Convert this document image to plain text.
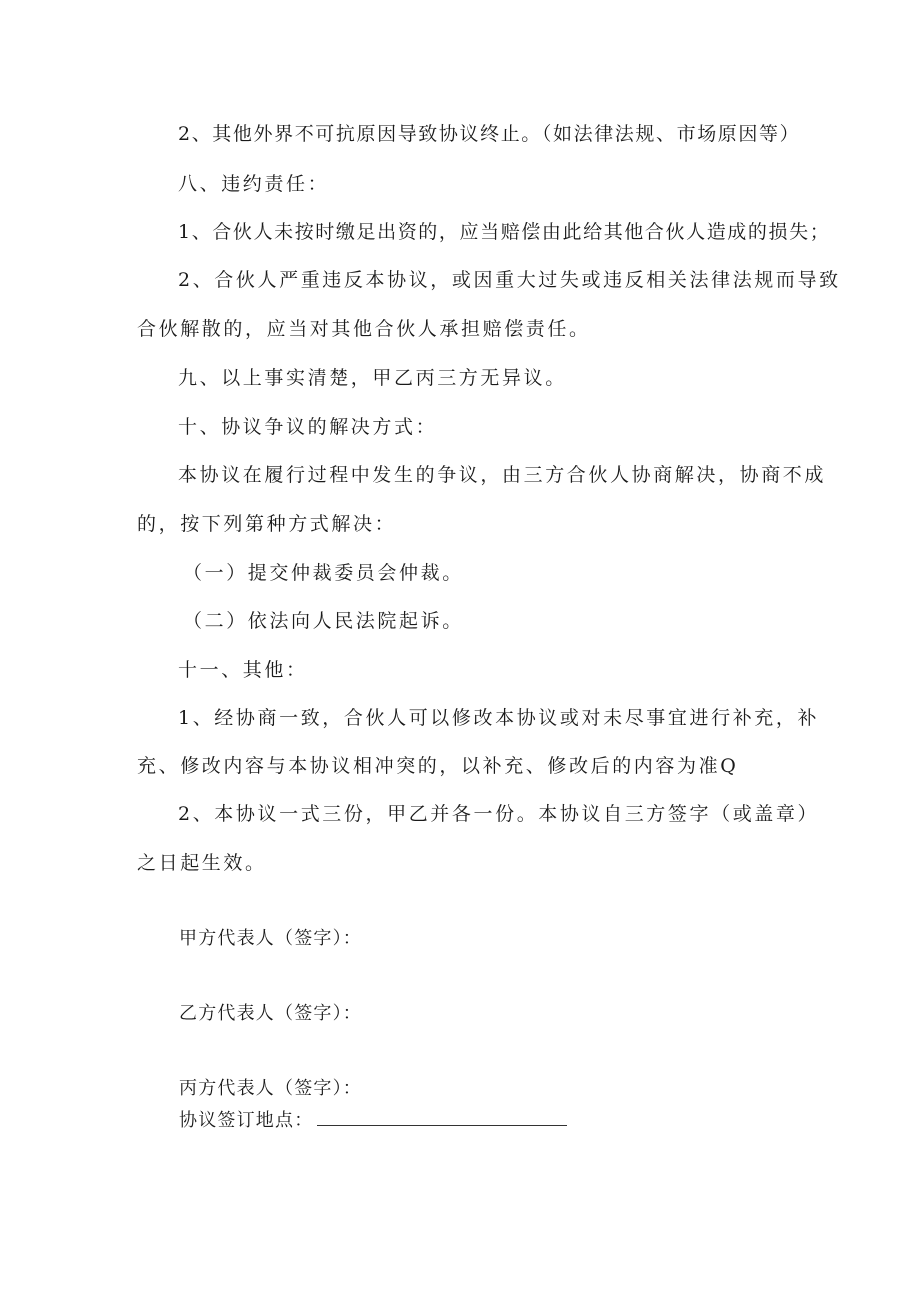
2、其他外界不可抗原因导致协议终止。（如法律法规、市场原因等）
八、违约责任：
1、合伙人未按时缴足出资的，应当赔偿由此给其他合伙人造成的损失；
2、合伙人严重违反本协议，或因重大过失或违反相关法律法规而导致
合伙解散的，应当对其他合伙人承担赔偿责任。
九、以上事实清楚，甲乙丙三方无异议。
十、协议争议的解决方式：
本协议在履行过程中发生的争议，由三方合伙人协商解决，协商不成
的，按下列第种方式解决：
（一）提交仲裁委员会仲裁。
（二）依法向人民法院起诉。
十一、其他：
1、经协商一致，合伙人可以修改本协议或对未尽事宜进行补充，补
充、修改内容与本协议相冲突的，以补充、修改后的内容为准Q
2、本协议一式三份，甲乙并各一份。本协议自三方签字（或盖章）
之日起生效。
甲方代表人（签字）：
乙方代表人（签字）：
丙方代表人（签字）：
协议签订地点：
